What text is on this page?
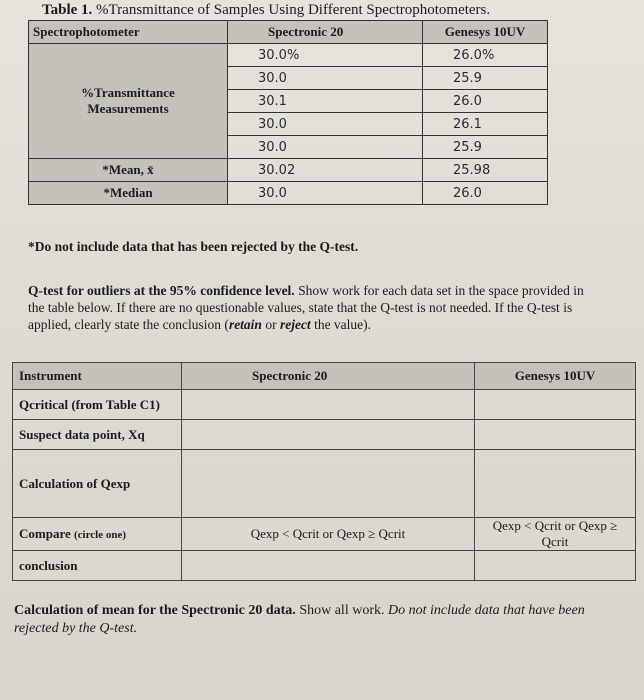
Table 1. %Transmittance of Samples Using Different Spectrophotometers.
Spectrophotometer	Spectronic 20	Genesys 10UV

%Transmittance
Measurements	30.0%	26.0%
	30.0	25.9
	30.1	26.0
	30.0	26.1
	30.0	25.9
*Mean, x̄	30.02	25.98
*Median	30.0	26.0
*Do not include data that has been rejected by the Q-test.
Q-test for outliers at the 95% confidence level. Show work for each data set in the space provided in the table below. If there are no questionable values, state that the Q-test is not needed. If the Q-test is applied, clearly state the conclusion (retain or reject the value).
Instrument	Spectronic 20	Genesys 10UV
Qcritical (from Table C1)		
Suspect data point, Xq		
Calculation of Qexp		
Compare (circle one)	Qexp < Qcrit or Qexp ≥ Qcrit	Qexp < Qcrit or Qexp ≥ Qcrit
conclusion		
Calculation of mean for the Spectronic 20 data. Show all work. Do not include data that have been rejected by the Q-test.
